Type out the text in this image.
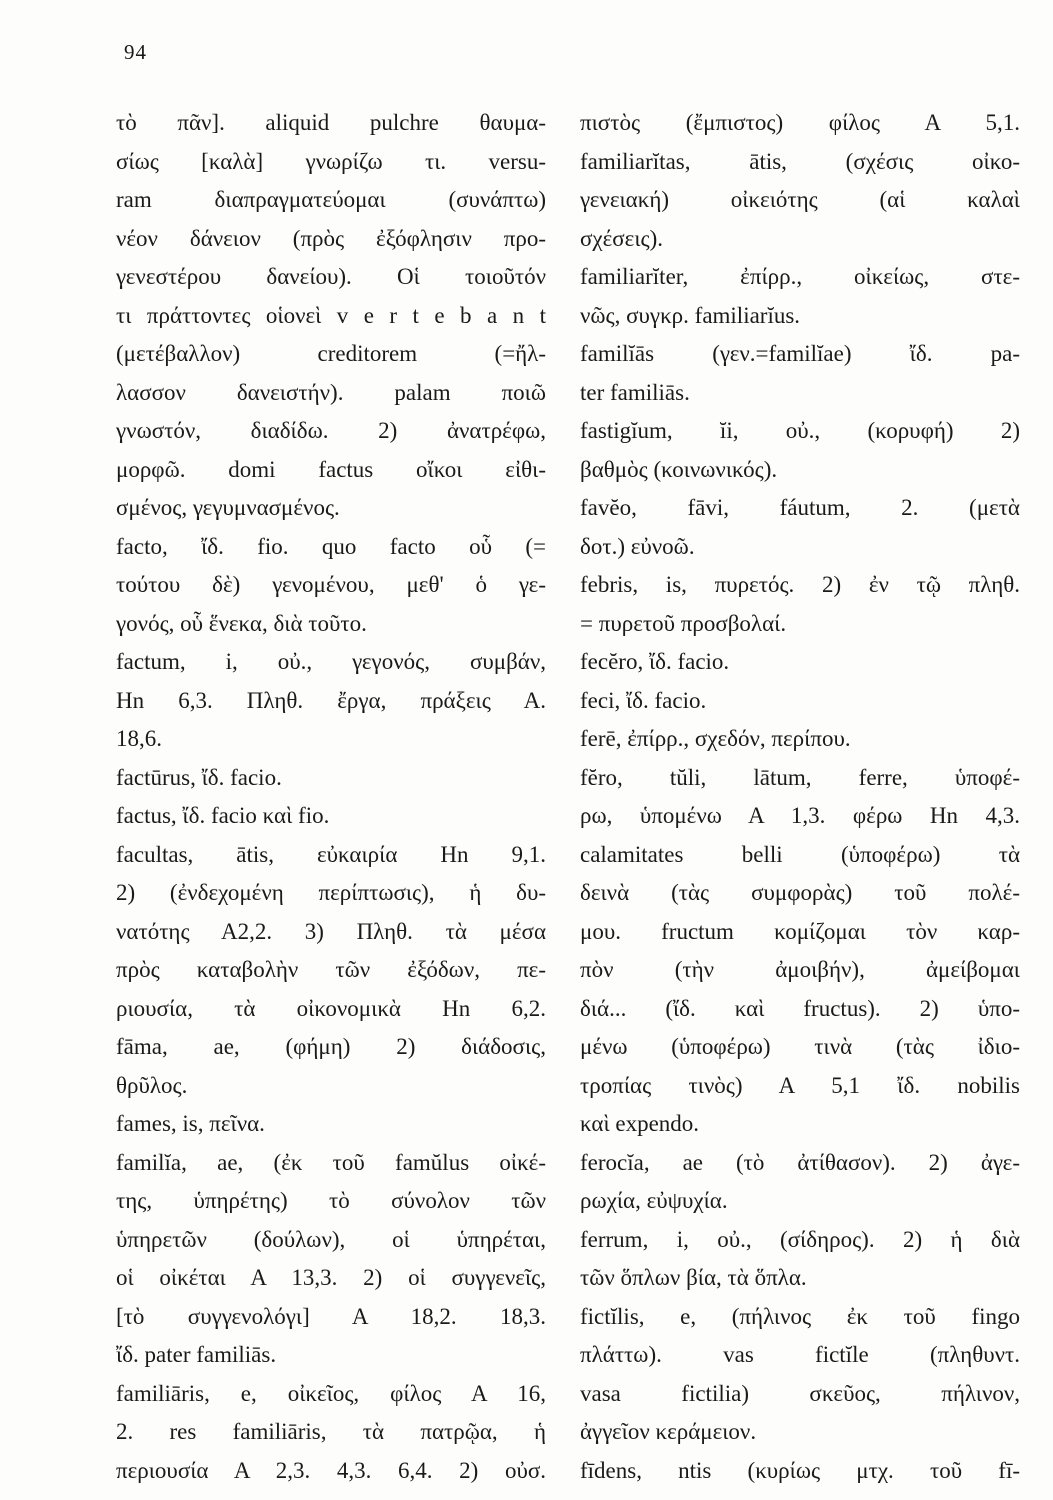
94
τὸ πᾶν]. aliquid pulchre θαυμα-
σίως [καλὰ] γνωρίζω τι. versu-
ram διαπραγματεύομαι (συνάπτω)
νέον δάνειον (πρὸς ἐξόφλησιν προ-
γενεστέρου δανείου). Οἱ τοιοῦτόν
τι πράττοντες οἱονεὶ v e r t e b a n t
(μετέβαλλον) creditorem (=ἤλ-
λασσον δανειστήν). palam ποιῶ
γνωστόν, διαδίδω. 2) ἀνατρέφω,
μορφῶ. domi factus οἴκοι εἰθι-
σμένος, γεγυμνασμένος.
facto, ἴδ. fio. quo facto οὗ (=
τούτου δὲ) γενομένου, μεθ' ὁ γε-
γονός, οὗ ἕνεκα, διὰ τοῦτο.
factum, i, οὐ., γεγονός, συμβάν,
Hn 6,3. Πληθ. ἔργα, πράξεις Α.
18,6.
factūrus, ἴδ. facio.
factus, ἴδ. facio καὶ fio.
facultas, ātis, εὐκαιρία Hn 9,1.
2) (ἐνδεχομένη περίπτωσις), ἡ δυ-
νατότης Α2,2. 3) Πληθ. τὰ μέσα
πρὸς καταβολὴν τῶν ἐξόδων, πε-
ριουσία, τὰ οἰκονομικὰ Hn 6,2.
fāma, ae, (φήμη) 2) διάδοσις,
θρῦλος.
fames, is, πεῖνα.
familĭa, ae, (ἐκ τοῦ famŭlus οἰκέ-
της, ὑπηρέτης) τὸ σύνολον τῶν
ὑπηρετῶν (δούλων), οἱ ὑπηρέται,
οἱ οἰκέται Α 13,3. 2) οἱ συγγενεῖς,
[τὸ συγγενολόγι] Α 18,2. 18,3.
ἴδ. pater familiās.
familiāris, e, οἰκεῖος, φίλος Α 16,
2. res familiāris, τὰ πατρῷα, ἡ
περιουσία Α 2,3. 4,3. 6,4. 2) οὐσ.
πιστὸς (ἔμπιστος) φίλος Α 5,1.
familiarĭtas, ātis, (σχέσις οἰκο-
γενειακή) οἰκειότης (αἱ καλαὶ
σχέσεις).
familiarĭter, ἐπίρρ., οἰκείως, στε-
νῶς, συγκρ. familiarĭus.
familĭās (γεν.=familĭae) ἴδ. pa-
ter familiās.
fastigĭum, ĭi, οὐ., (κορυφή) 2)
βαθμὸς (κοινωνικός).
favĕo, fāvi, fáutum, 2. (μετὰ
δοτ.) εὐνοῶ.
febris, is, πυρετός. 2) ἐν τῷ πληθ.
= πυρετοῦ προσβολαί.
fecĕro, ἴδ. facio.
feci, ἴδ. facio.
ferē, ἐπίρρ., σχεδόν, περίπου.
fĕro, tŭli, lātum, ferre, ὑποφέ-
ρω, ὑπομένω Α 1,3. φέρω Hn 4,3.
calamitates belli (ὑποφέρω) τὰ
δεινὰ (τὰς συμφορὰς) τοῦ πολέ-
μου. fructum κομίζομαι τὸν καρ-
πὸν (τὴν ἀμοιβήν), ἀμείβομαι
διά... (ἴδ. καὶ fructus). 2) ὑπο-
μένω (ὑποφέρω) τινὰ (τὰς ἰδιο-
τροπίας τινὸς) Α 5,1 ἴδ. nobilis
καὶ expendo.
ferocĭa, ae (τὸ ἀτίθασον). 2) ἀγε-
ρωχία, εὐψυχία.
ferrum, i, οὐ., (σίδηρος). 2) ἡ διὰ
τῶν ὅπλων βία, τὰ ὅπλα.
fictĭlis, e, (πήλινος ἐκ τοῦ fingo
πλάττω). vas fictĭle (πληθυντ.
vasa fictilia) σκεῦος, πήλινον,
ἀγγεῖον κεράμειον.
fīdens, ntis (κυρίως μτχ. τοῦ fī-
